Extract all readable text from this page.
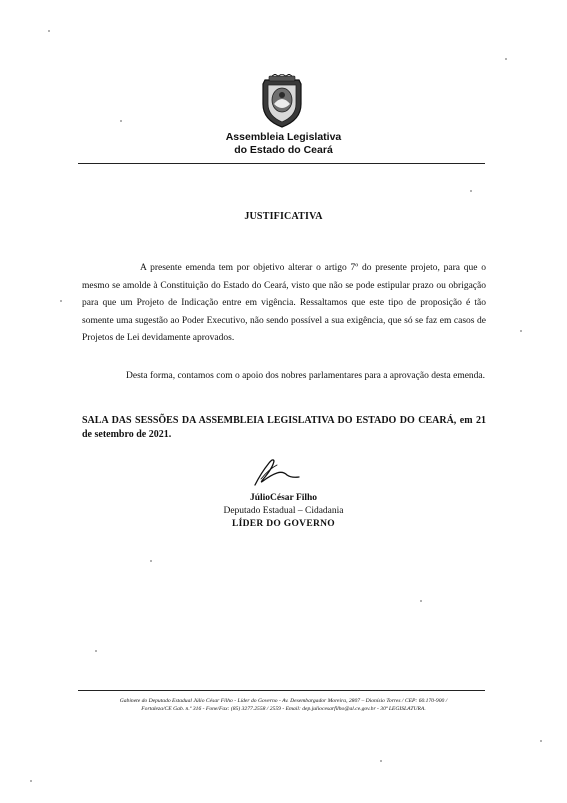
Assembleia Legislativa
do Estado do Ceará
JUSTIFICATIVA

A presente emenda tem por objetivo alterar o artigo 7º do presente projeto, para que o mesmo se amolde à Constituição do Estado do Ceará, visto que não se pode estipular prazo ou obrigação para que um Projeto de Indicação entre em vigência. Ressaltamos que este tipo de proposição é tão somente uma sugestão ao Poder Executivo, não sendo possível a sua exigência, que só se faz em casos de Projetos de Lei devidamente aprovados.

Desta forma, contamos com o apoio dos nobres parlamentares para a aprovação desta emenda.

SALA DAS SESSÕES DA ASSEMBLEIA LEGISLATIVA DO ESTADO DO CEARÁ, em 21 de setembro de 2021.

JúlioCésar Filho
Deputado Estadual – Cidadania
LÍDER DO GOVERNO
Gabinete do Deputado Estadual Júlio César Filho - Líder do Governo - Av. Desembargador Moreira, 2807 – Dionísio Torres / CEP: 60.170-900 /
Fortaleza/CE Gab. n.º 316 - Fone/Fax: (85) 3277.2558 / 2559 - Email: dep.juliocesarfilho@al.ce.gov.br - 30ª LEGISLATURA.
